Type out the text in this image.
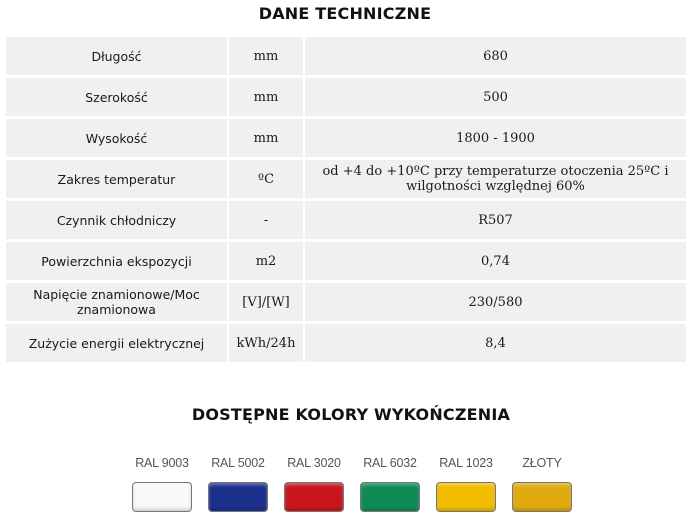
DANE TECHNICZNE
Długość	mm	680
Szerokość	mm	500
Wysokość	mm	1800 - 1900
Zakres temperatur	ºC	od +4 do +10ºC przy temperaturze otoczenia 25ºC i wilgotności względnej 60%
Czynnik chłodniczy	-	R507
Powierzchnia ekspozycji	m2	0,74
Napięcie znamionowe/Moc znamionowa	[V]/[W]	230/580
Zużycie energii elektrycznej	kWh/24h	8,4
DOSTĘPNE KOLORY WYKOŃCZENIA
RAL 9003	RAL 5002	RAL 3020	RAL 6032	RAL 1023	ZŁOTY
